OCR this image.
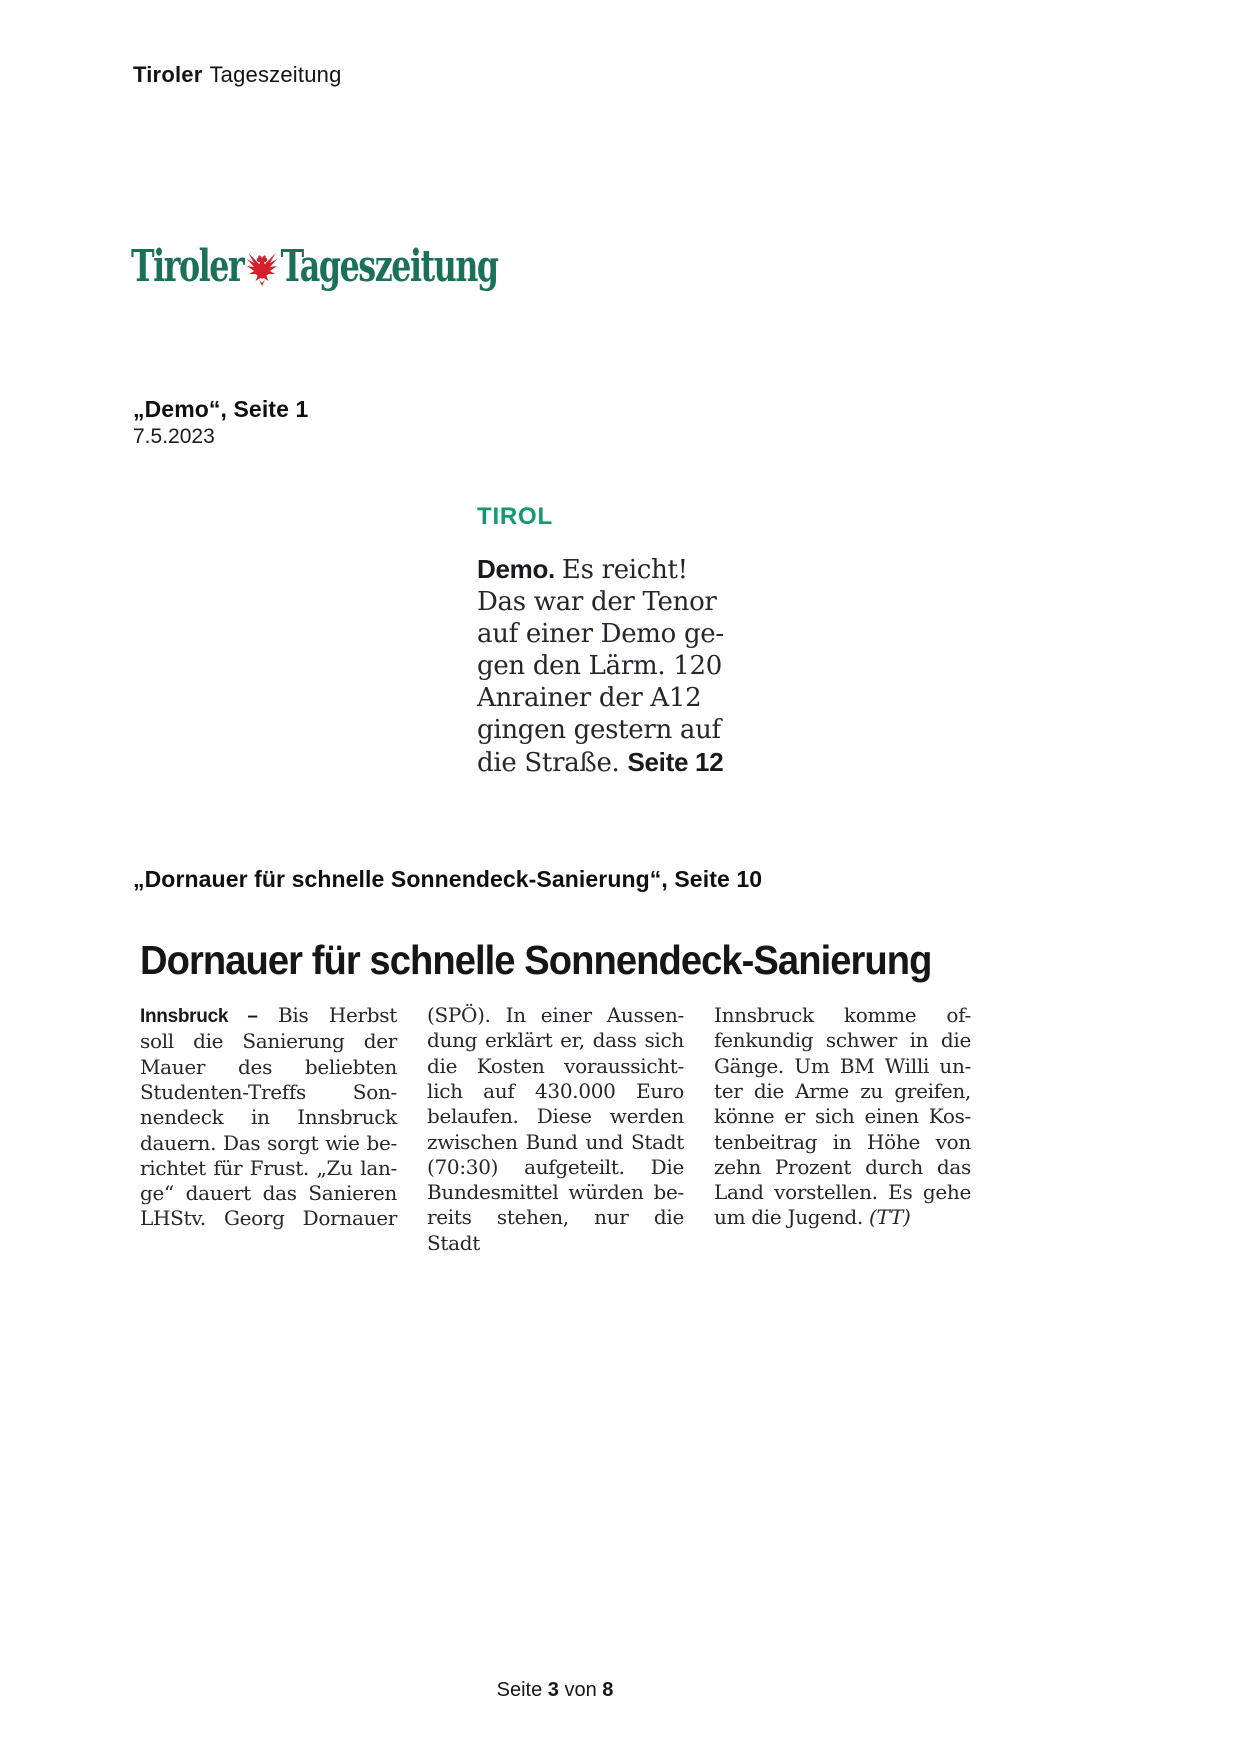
Tiroler Tageszeitung
Tiroler Tageszeitung
„Demo“, Seite 1
7.5.2023
TIROL
Demo. Es reicht!
Das war der Tenor
auf einer Demo ge-
gen den Lärm. 120
Anrainer der A12
gingen gestern auf
die Straße. Seite 12
„Dornauer für schnelle Sonnendeck-Sanierung“, Seite 10
Dornauer für schnelle Sonnendeck-Sanierung
Innsbruck – Bis Herbst
soll die Sanierung der
Mauer des beliebten
Studenten-Treffs Son-
nendeck in Innsbruck
dauern. Das sorgt wie be-
richtet für Frust. „Zu lan-
ge“ dauert das Sanieren
LHStv. Georg Dornauer
(SPÖ). In einer Aussen-
dung erklärt er, dass sich
die Kosten voraussicht-
lich auf 430.000 Euro
belaufen. Diese werden
zwischen Bund und Stadt
(70:30) aufgeteilt. Die
Bundesmittel würden be-
reits stehen, nur die Stadt
Innsbruck komme of-
fenkundig schwer in die
Gänge. Um BM Willi un-
ter die Arme zu greifen,
könne er sich einen Kos-
tenbeitrag in Höhe von
zehn Prozent durch das
Land vorstellen. Es gehe
um die Jugend. (TT)
Seite 3 von 8
